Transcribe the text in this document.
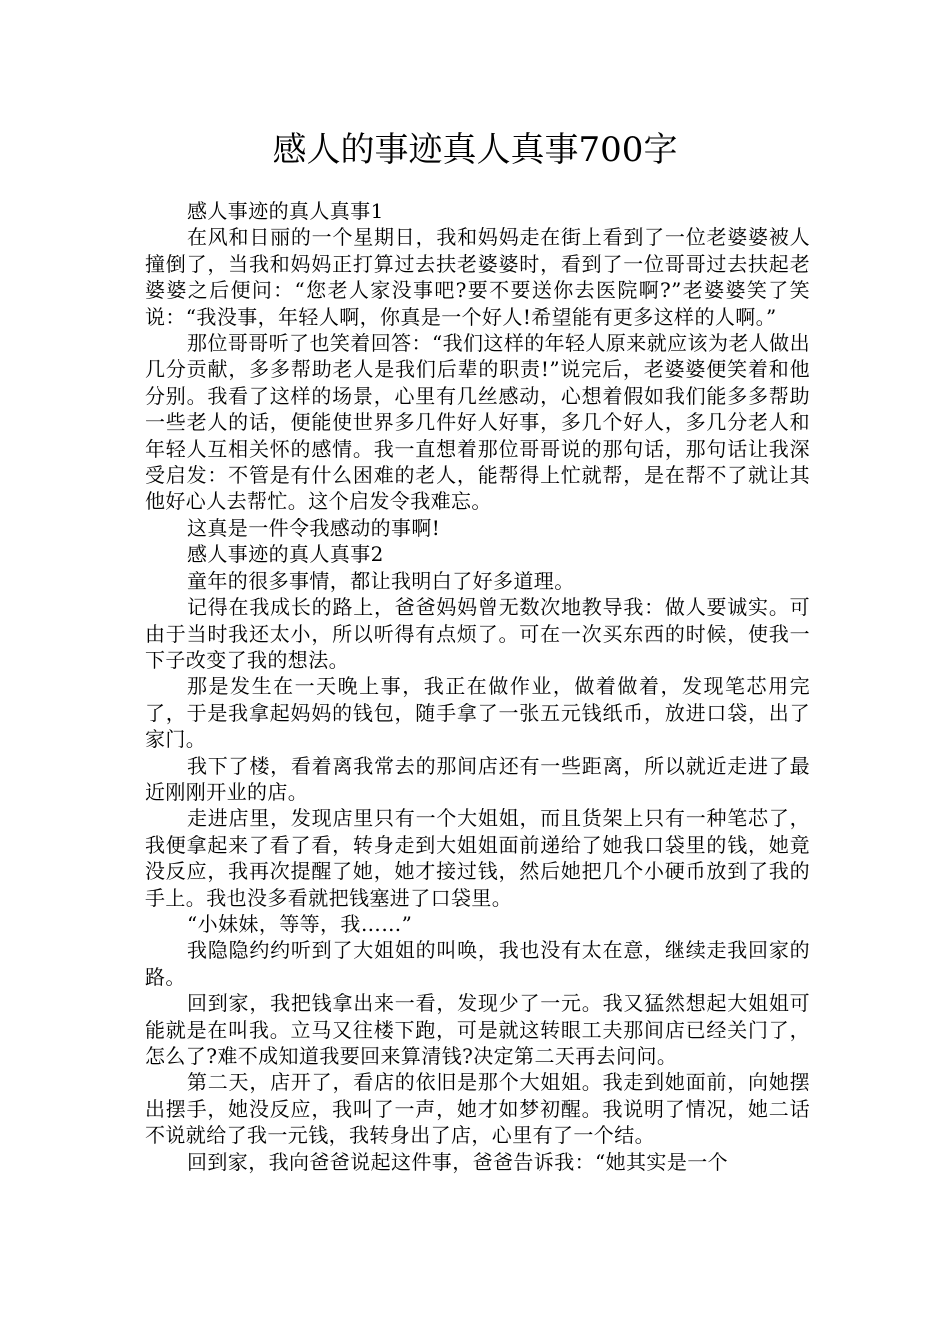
感人的事迹真人真事700字

感人事迹的真人真事1

在风和日丽的一个星期日，我和妈妈走在街上看到了一位老婆婆被人撞倒了，当我和妈妈正打算过去扶老婆婆时，看到了一位哥哥过去扶起老婆婆之后便问：“您老人家没事吧?要不要送你去医院啊?”老婆婆笑了笑说：“我没事，年轻人啊，你真是一个好人!希望能有更多这样的人啊。”

那位哥哥听了也笑着回答：“我们这样的年轻人原来就应该为老人做出几分贡献，多多帮助老人是我们后辈的职责!”说完后，老婆婆便笑着和他分别。我看了这样的场景，心里有几丝感动，心想着假如我们能多多帮助一些老人的话，便能使世界多几件好人好事，多几个好人，多几分老人和年轻人互相关怀的感情。我一直想着那位哥哥说的那句话，那句话让我深受启发：不管是有什么困难的老人，能帮得上忙就帮，是在帮不了就让其他好心人去帮忙。这个启发令我难忘。

这真是一件令我感动的事啊!

感人事迹的真人真事2

童年的很多事情，都让我明白了好多道理。

记得在我成长的路上，爸爸妈妈曾无数次地教导我：做人要诚实。可由于当时我还太小，所以听得有点烦了。可在一次买东西的时候，使我一下子改变了我的想法。

那是发生在一天晚上事，我正在做作业，做着做着，发现笔芯用完了，于是我拿起妈妈的钱包，随手拿了一张五元钱纸币，放进口袋，出了家门。

我下了楼，看着离我常去的那间店还有一些距离，所以就近走进了最近刚刚开业的店。

走进店里，发现店里只有一个大姐姐，而且货架上只有一种笔芯了，我便拿起来了看了看，转身走到大姐姐面前递给了她我口袋里的钱，她竟没反应，我再次提醒了她，她才接过钱，然后她把几个小硬币放到了我的手上。我也没多看就把钱塞进了口袋里。

“小妹妹，等等，我……”

我隐隐约约听到了大姐姐的叫唤，我也没有太在意，继续走我回家的路。

回到家，我把钱拿出来一看，发现少了一元。我又猛然想起大姐姐可能就是在叫我。立马又往楼下跑，可是就这转眼工夫那间店已经关门了，怎么了?难不成知道我要回来算清钱?决定第二天再去问问。

第二天，店开了，看店的依旧是那个大姐姐。我走到她面前，向她摆出摆手，她没反应，我叫了一声，她才如梦初醒。我说明了情况，她二话不说就给了我一元钱，我转身出了店，心里有了一个结。

回到家，我向爸爸说起这件事，爸爸告诉我：“她其实是一个
